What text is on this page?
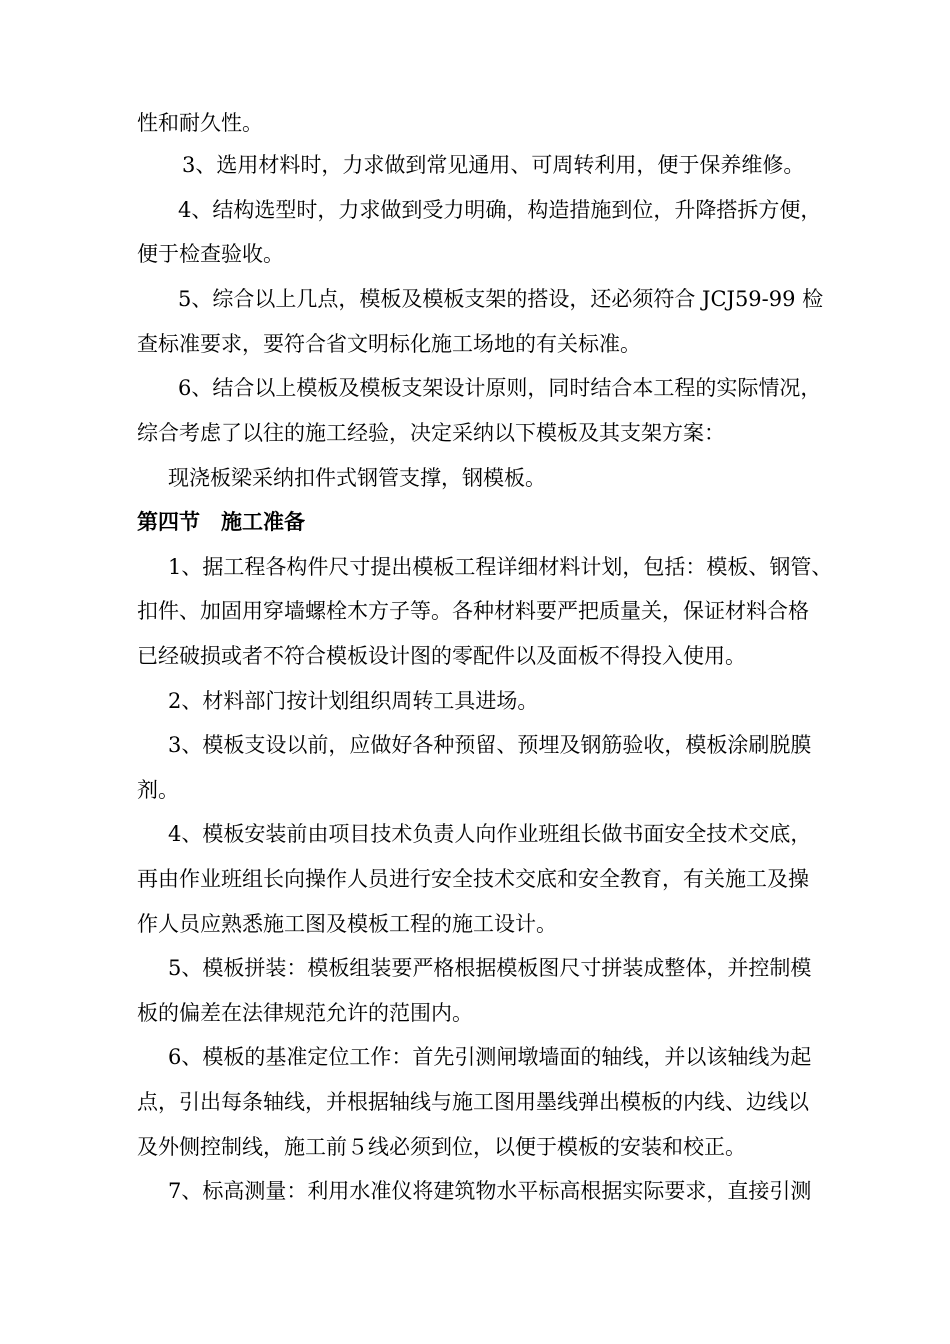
性和耐久性。

3、选用材料时，力求做到常见通用、可周转利用，便于保养维修。

4、结构选型时，力求做到受力明确，构造措施到位，升降搭拆方便，

便于检查验收。

5、综合以上几点，模板及模板支架的搭设，还必须符合 JCJ59-99 检

查标准要求，要符合省文明标化施工场地的有关标准。

6、结合以上模板及模板支架设计原则，同时结合本工程的实际情况，

综合考虑了以往的施工经验，决定采纳以下模板及其支架方案：

现浇板梁采纳扣件式钢管支撑，钢模板。

第四节　施工准备

1、据工程各构件尺寸提出模板工程详细材料计划，包括：模板、钢管、

扣件、加固用穿墙螺栓木方子等。各种材料要严把质量关，保证材料合格

已经破损或者不符合模板设计图的零配件以及面板不得投入使用。

2、材料部门按计划组织周转工具进场。

3、模板支设以前，应做好各种预留、预埋及钢筋验收，模板涂刷脱膜

剂。

4、模板安装前由项目技术负责人向作业班组长做书面安全技术交底，

再由作业班组长向操作人员进行安全技术交底和安全教育，有关施工及操

作人员应熟悉施工图及模板工程的施工设计。

5、模板拼装：模板组装要严格根据模板图尺寸拼装成整体，并控制模

板的偏差在法律规范允许的范围内。

6、模板的基准定位工作：首先引测闸墩墙面的轴线，并以该轴线为起

点，引出每条轴线，并根据轴线与施工图用墨线弹出模板的内线、边线以

及外侧控制线，施工前５线必须到位，以便于模板的安装和校正。

7、标高测量：利用水准仪将建筑物水平标高根据实际要求，直接引测
